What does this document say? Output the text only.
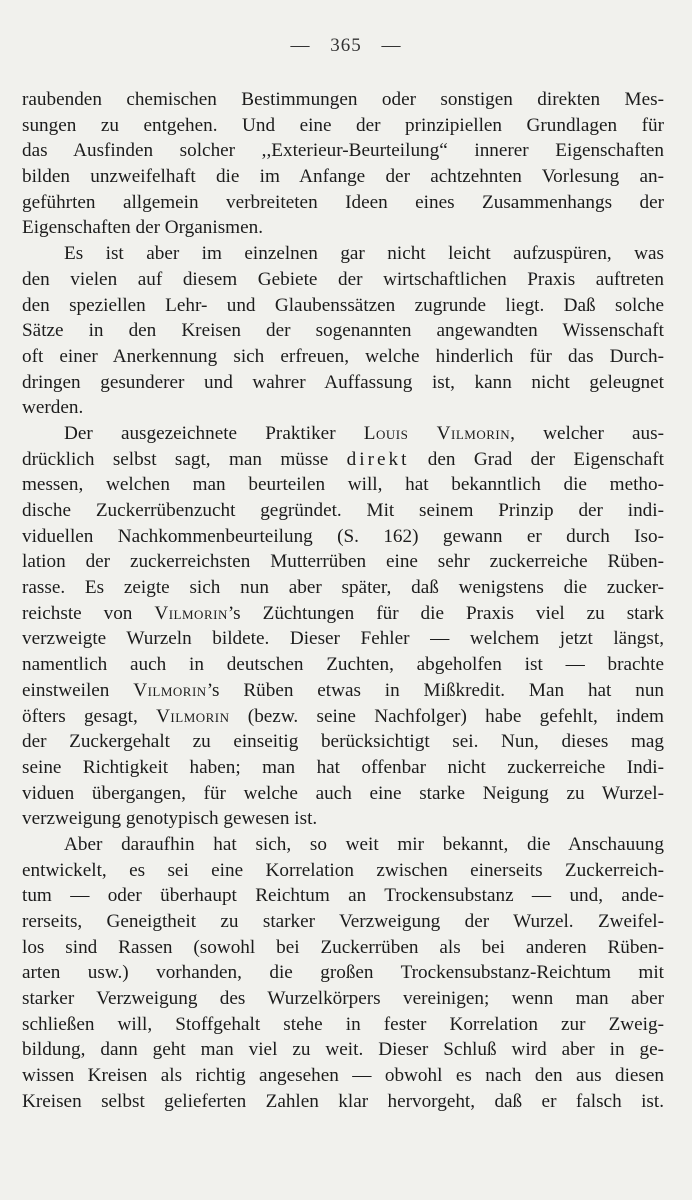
— 365 —
raubenden chemischen Bestimmungen oder sonstigen direkten Mes-
sungen zu entgehen. Und eine der prinzipiellen Grundlagen für
das Ausfinden solcher ,,Exterieur-Beurteilung“ innerer Eigenschaften
bilden unzweifelhaft die im Anfange der achtzehnten Vorlesung an-
geführten allgemein verbreiteten Ideen eines Zusammenhangs der
Eigenschaften der Organismen.
Es ist aber im einzelnen gar nicht leicht aufzuspüren, was
den vielen auf diesem Gebiete der wirtschaftlichen Praxis auftreten
den speziellen Lehr- und Glaubenssätzen zugrunde liegt. Daß solche
Sätze in den Kreisen der sogenannten angewandten Wissenschaft
oft einer Anerkennung sich erfreuen, welche hinderlich für das Durch-
dringen gesunderer und wahrer Auffassung ist, kann nicht geleugnet
werden.
Der ausgezeichnete Praktiker Louis Vilmorin, welcher aus-
drücklich selbst sagt, man müsse direkt den Grad der Eigenschaft
messen, welchen man beurteilen will, hat bekanntlich die metho-
dische Zuckerrübenzucht gegründet. Mit seinem Prinzip der indi-
viduellen Nachkommenbeurteilung (S. 162) gewann er durch Iso-
lation der zuckerreichsten Mutterrüben eine sehr zuckerreiche Rüben-
rasse. Es zeigte sich nun aber später, daß wenigstens die zucker-
reichste von Vilmorin’s Züchtungen für die Praxis viel zu stark
verzweigte Wurzeln bildete. Dieser Fehler — welchem jetzt längst,
namentlich auch in deutschen Zuchten, abgeholfen ist — brachte
einstweilen Vilmorin’s Rüben etwas in Mißkredit. Man hat nun
öfters gesagt, Vilmorin (bezw. seine Nachfolger) habe gefehlt, indem
der Zuckergehalt zu einseitig berücksichtigt sei. Nun, dieses mag
seine Richtigkeit haben; man hat offenbar nicht zuckerreiche Indi-
viduen übergangen, für welche auch eine starke Neigung zu Wurzel-
verzweigung genotypisch gewesen ist.
Aber daraufhin hat sich, so weit mir bekannt, die Anschauung
entwickelt, es sei eine Korrelation zwischen einerseits Zuckerreich-
tum — oder überhaupt Reichtum an Trockensubstanz — und, ande-
rerseits, Geneigtheit zu starker Verzweigung der Wurzel. Zweifel-
los sind Rassen (sowohl bei Zuckerrüben als bei anderen Rüben-
arten usw.) vorhanden, die großen Trockensubstanz-Reichtum mit
starker Verzweigung des Wurzelkörpers vereinigen; wenn man aber
schließen will, Stoffgehalt stehe in fester Korrelation zur Zweig-
bildung, dann geht man viel zu weit. Dieser Schluß wird aber in ge-
wissen Kreisen als richtig angesehen — obwohl es nach den aus diesen
Kreisen selbst gelieferten Zahlen klar hervorgeht, daß er falsch ist.
